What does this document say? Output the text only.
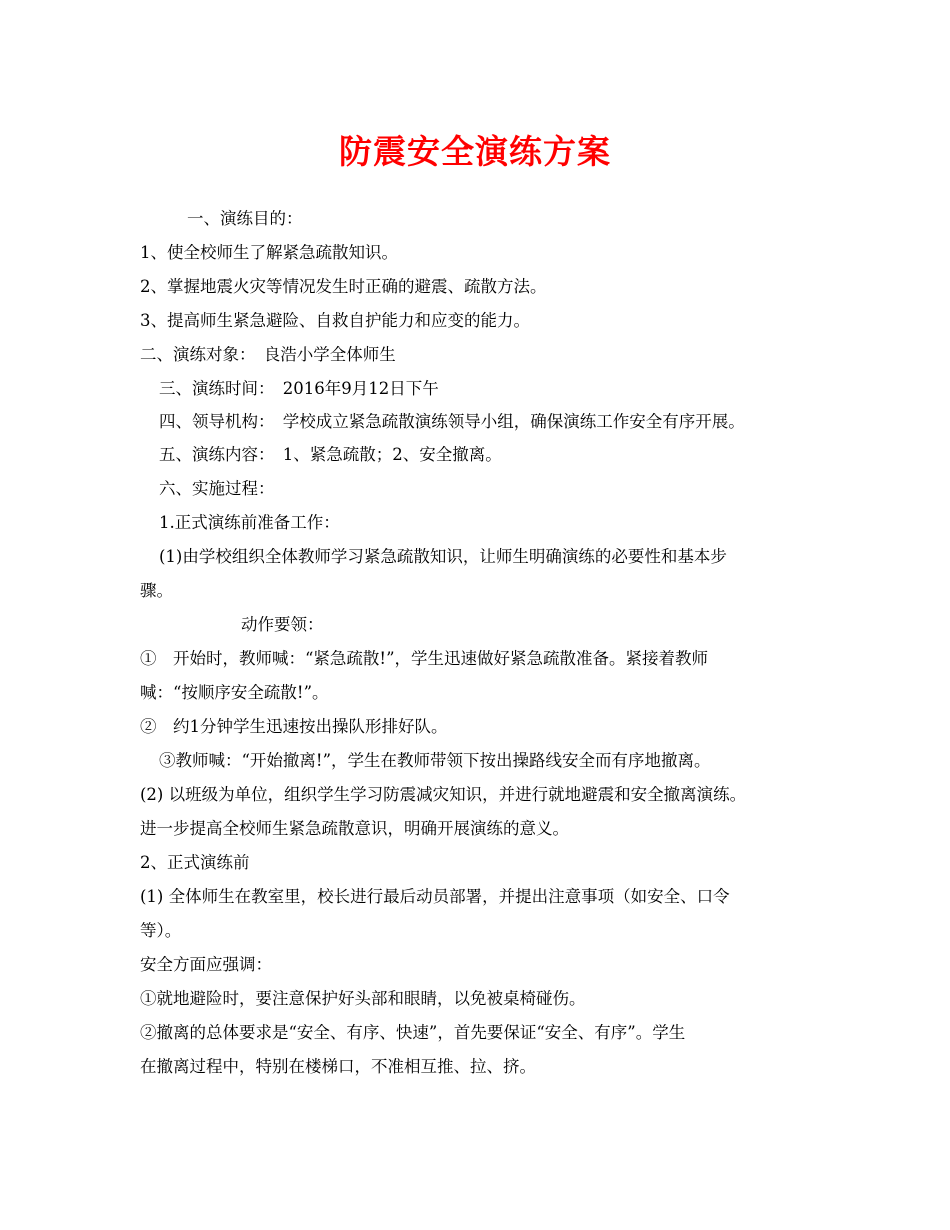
防震安全演练方案
一、演练目的：
1、使全校师生了解紧急疏散知识。
2、掌握地震火灾等情况发生时正确的避震、疏散方法。
3、提高师生紧急避险、自救自护能力和应变的能力。
二、演练对象：　良浩小学全体师生
三、演练时间：　2016年9月12日下午
四、领导机构：　学校成立紧急疏散演练领导小组，确保演练工作安全有序开展。
五、演练内容：　1、紧急疏散；2、安全撤离。
六、实施过程：
1.正式演练前准备工作：
(1)由学校组织全体教师学习紧急疏散知识，让师生明确演练的必要性和基本步
骤。
动作要领：
①　开始时，教师喊：“紧急疏散!”，学生迅速做好紧急疏散准备。紧接着教师
喊：“按顺序安全疏散!”。
②　约1分钟学生迅速按出操队形排好队。
③教师喊：“开始撤离!”，学生在教师带领下按出操路线安全而有序地撤离。
(2) 以班级为单位，组织学生学习防震减灾知识，并进行就地避震和安全撤离演练。
进一步提高全校师生紧急疏散意识，明确开展演练的意义。
2、正式演练前
(1) 全体师生在教室里，校长进行最后动员部署，并提出注意事项（如安全、口令
等）。
安全方面应强调：
①就地避险时，要注意保护好头部和眼睛，以免被桌椅碰伤。
②撤离的总体要求是“安全、有序、快速”，首先要保证“安全、有序”。学生
在撤离过程中，特别在楼梯口，不准相互推、拉、挤。
